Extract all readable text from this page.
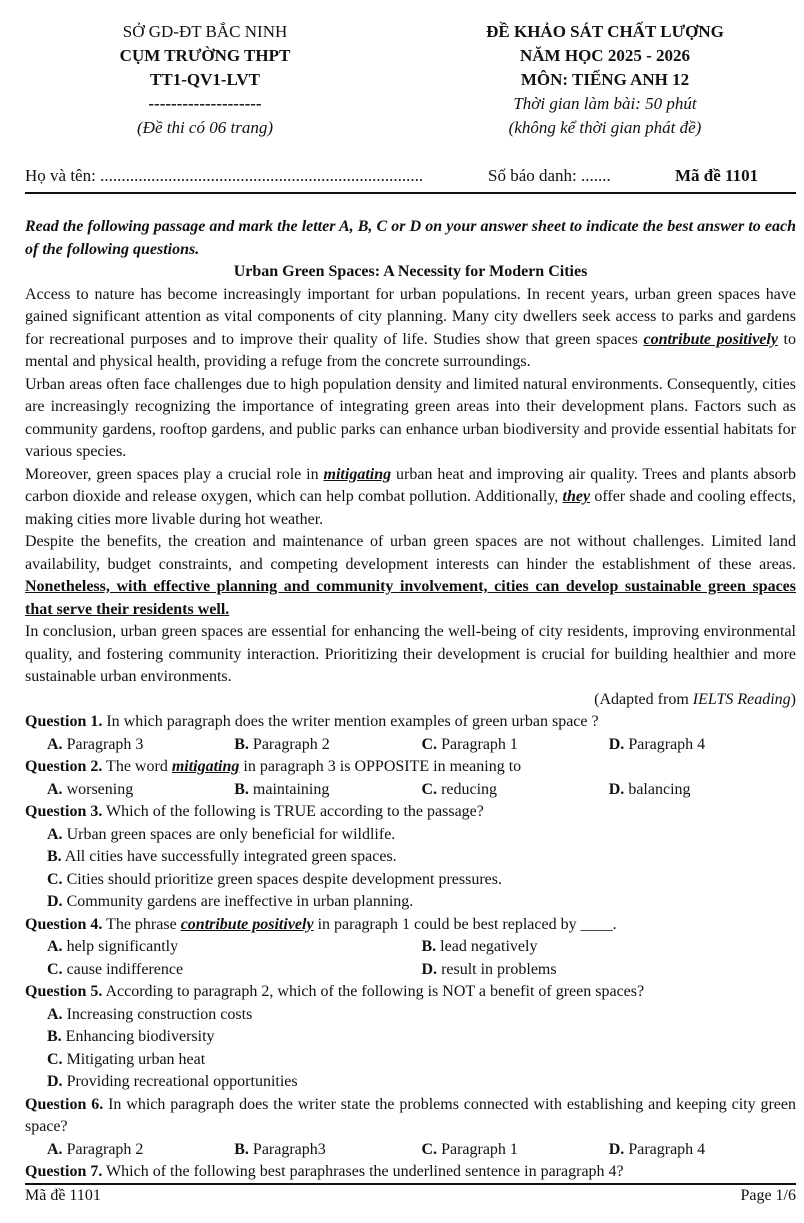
SỞ GD-ĐT BẮC NINH
CỤM TRƯỜNG THPT
TT1-QV1-LVT
--------------------
(Đề thi có 06 trang)
ĐỀ KHẢO SÁT CHẤT LƯỢNG
NĂM HỌC 2025 - 2026
MÔN: TIẾNG ANH 12
Thời gian làm bài: 50 phút
(không kể thời gian phát đề)
Họ và tên: ............................................................................	Số báo danh: .......	Mã đề 1101

Read the following passage and mark the letter A, B, C or D on your answer sheet to indicate the best answer to each of the following questions.

Urban Green Spaces: A Necessity for Modern Cities

Access to nature has become increasingly important for urban populations. In recent years, urban green spaces have gained significant attention as vital components of city planning. Many city dwellers seek access to parks and gardens for recreational purposes and to improve their quality of life. Studies show that green spaces contribute positively to mental and physical health, providing a refuge from the concrete surroundings.

Urban areas often face challenges due to high population density and limited natural environments. Consequently, cities are increasingly recognizing the importance of integrating green areas into their development plans. Factors such as community gardens, rooftop gardens, and public parks can enhance urban biodiversity and provide essential habitats for various species.

Moreover, green spaces play a crucial role in mitigating urban heat and improving air quality. Trees and plants absorb carbon dioxide and release oxygen, which can help combat pollution. Additionally, they offer shade and cooling effects, making cities more livable during hot weather.

Despite the benefits, the creation and maintenance of urban green spaces are not without challenges. Limited land availability, budget constraints, and competing development interests can hinder the establishment of these areas. Nonetheless, with effective planning and community involvement, cities can develop sustainable green spaces that serve their residents well.

In conclusion, urban green spaces are essential for enhancing the well-being of city residents, improving environmental quality, and fostering community interaction. Prioritizing their development is crucial for building healthier and more sustainable urban environments.

(Adapted from IELTS Reading)

Question 1. In which paragraph does the writer mention examples of green urban space ?

A. Paragraph 3	B. Paragraph 2	C. Paragraph 1	D. Paragraph 4

Question 2. The word mitigating in paragraph 3 is OPPOSITE in meaning to

A. worsening	B. maintaining	C. reducing	D. balancing

Question 3. Which of the following is TRUE according to the passage?

A. Urban green spaces are only beneficial for wildlife.
B. All cities have successfully integrated green spaces.
C. Cities should prioritize green spaces despite development pressures.
D. Community gardens are ineffective in urban planning.

Question 4. The phrase contribute positively in paragraph 1 could be best replaced by ____.

A. help significantly	B. lead negatively
C. cause indifference	D. result in problems

Question 5. According to paragraph 2, which of the following is NOT a benefit of green spaces?

A. Increasing construction costs
B. Enhancing biodiversity
C. Mitigating urban heat
D. Providing recreational opportunities

Question 6. In which paragraph does the writer state the problems connected with establishing and keeping city green space?

A. Paragraph 2	B. Paragraph3	C. Paragraph 1	D. Paragraph 4

Question 7. Which of the following best paraphrases the underlined sentence in paragraph 4?

Mã đề 1101	Page 1/6
